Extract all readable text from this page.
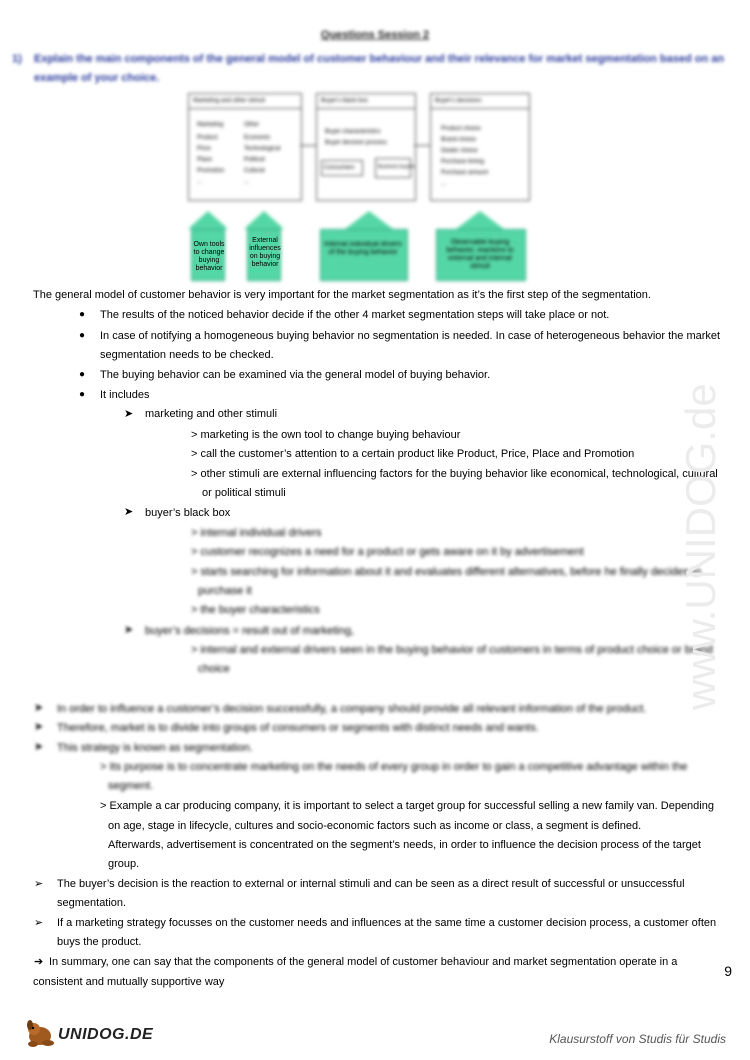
Questions Session 2
1) Explain the main components of the general model of customer behaviour and their relevance for market segmentation based on an example of your choice.
Marketing and other stimuli
Marketing
Product
Price
Place
Promotion
...
Other
Economic
Technological
Political
Cultural
...
Buyer's black box
Buyer characteristics
Buyer decision process
Consumers	Business buyers
Buyer's decisions
Product choice
Brand choice
Dealer choice
Purchase timing
Purchase amount
...
Own tools to change buying behavior
External influences on buying behavior
Internal individual drivers of the buying behavior
Observable buying behavior; reactions to external and internal stimuli
The general model of customer behavior is very important for the market segmentation as it’s the first step of the segmentation.
● The results of the noticed behavior decide if the other 4 market segmentation steps will take place or not.
● In case of notifying a homogeneous buying behavior no segmentation is needed. In case of heterogeneous behavior the market
segmentation needs to be checked.
● The buying behavior can be examined via the general model of buying behavior.
● It includes
➤ marketing and other stimuli
> marketing is the own tool to change buying behaviour
> call the customer’s attention to a certain product like Product, Price, Place and Promotion
> other stimuli are external influencing factors for the buying behavior like economical, technological, cultural
or political stimuli
➤ buyer’s black box
> internal individual drivers
> customer recognizes a need for a product or gets aware on it by advertisement
> starts searching for information about it and evaluates different alternatives, before he finally decides to
purchase it
> the buyer characteristics
➤ buyer’s decisions = result out of marketing,
> internal and external drivers seen in the buying behavior of customers in terms of product choice or brand
choice
➤ In order to influence a customer’s decision successfully, a company should provide all relevant information of the product.
➤ Therefore, market is to divide into groups of consumers or segments with distinct needs and wants.
➤ This strategy is known as segmentation.
> Its purpose is to concentrate marketing on the needs of every group in order to gain a competitive advantage within the
segment.
> Example a car producing company, it is important to select a target group for successful selling a new family van. Depending
on age, stage in lifecycle, cultures and socio-economic factors such as income or class, a segment is defined.
Afterwards, advertisement is concentrated on the segment’s needs, in order to influence the decision process of the target
group.
➢ The buyer’s decision is the reaction to external or internal stimuli and can be seen as a direct result of successful or unsuccessful
segmentation.
➢ If a marketing strategy focusses on the customer needs and influences at the same time a customer decision process, a customer often
buys the product.
➔ In summary, one can say that the components of the general model of customer behaviour and market segmentation operate in a
consistent and mutually supportive way
www.UNIDOG.de
9
UNIDOG.DE	Klausurstoff von Studis für Studis
